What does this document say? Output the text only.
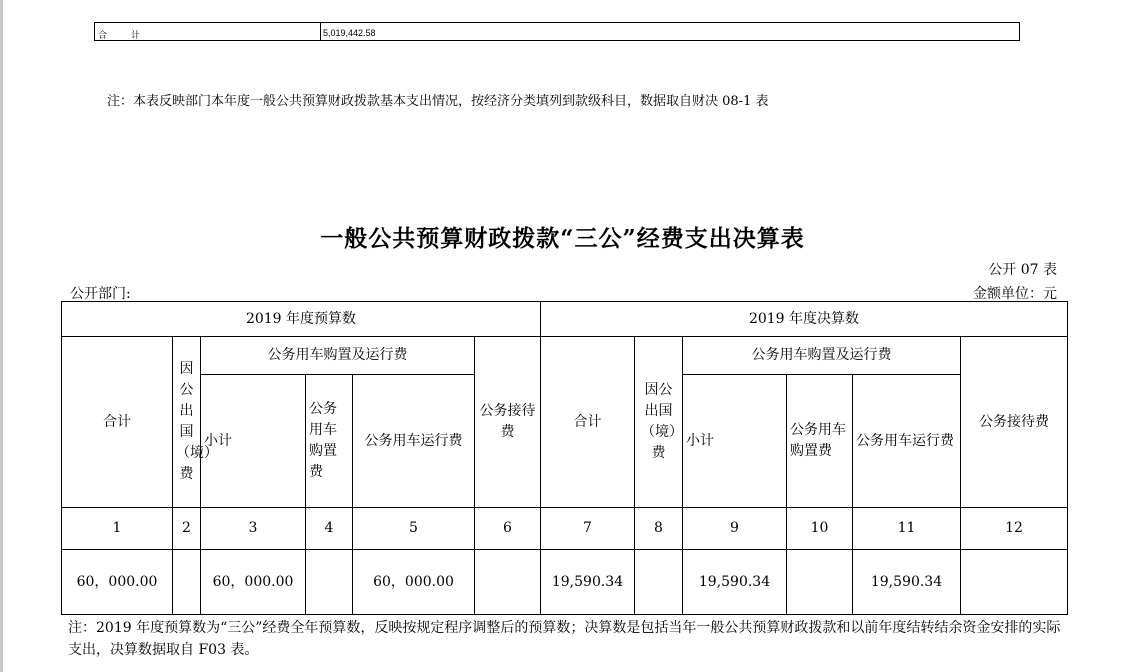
合　　计	5,019,442.58
注：本表反映部门本年度一般公共预算财政拨款基本支出情况，按经济分类填列到款级科目，数据取自财决 08-1 表
一般公共预算财政拨款“三公”经费支出决算表
公开 07 表
公开部门:	金额单位：元
2019 年度预算数						2019 年度决算数					
合计	因公出国（境）费	公务用车购置及运行费			公务接待费	合计	因公出国（境）费	公务用车购置及运行费			公务接待费
		小计	公务用车购置费	公务用车运行费				小计	公务用车购置费	公务用车运行费	
1	2	3	4	5	6	7	8	9	10	11	12
60，000.00		60，000.00		60，000.00		19,590.34		19,590.34		19,590.34	
注：2019 年度预算数为“三公”经费全年预算数，反映按规定程序调整后的预算数；决算数是包括当年一般公共预算财政拨款和以前年度结转结余资金安排的实际支出，决算数据取自 F03 表。
